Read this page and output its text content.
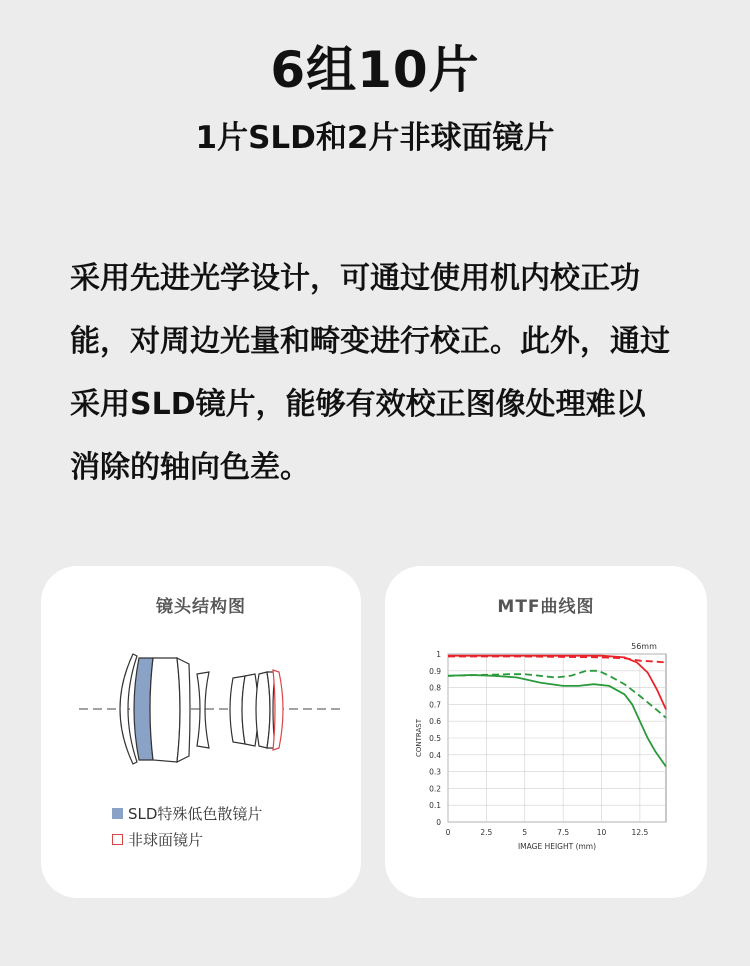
6组10片
1片SLD和2片非球面镜片
采用先进光学设计，可通过使用机内校正功
能，对周边光量和畸变进行校正。此外，通过
采用SLD镜片，能够有效校正图像处理难以
消除的轴向色差。
镜头结构图
SLD特殊低色散镜片
非球面镜片
MTF曲线图
0
0.1
0.2
0.3
0.4
0.5
0.6
0.7
0.8
0.9
1
0	2.5	5	7.5	10	12.5
56mm
IMAGE HEIGHT (mm)
CONTRAST
